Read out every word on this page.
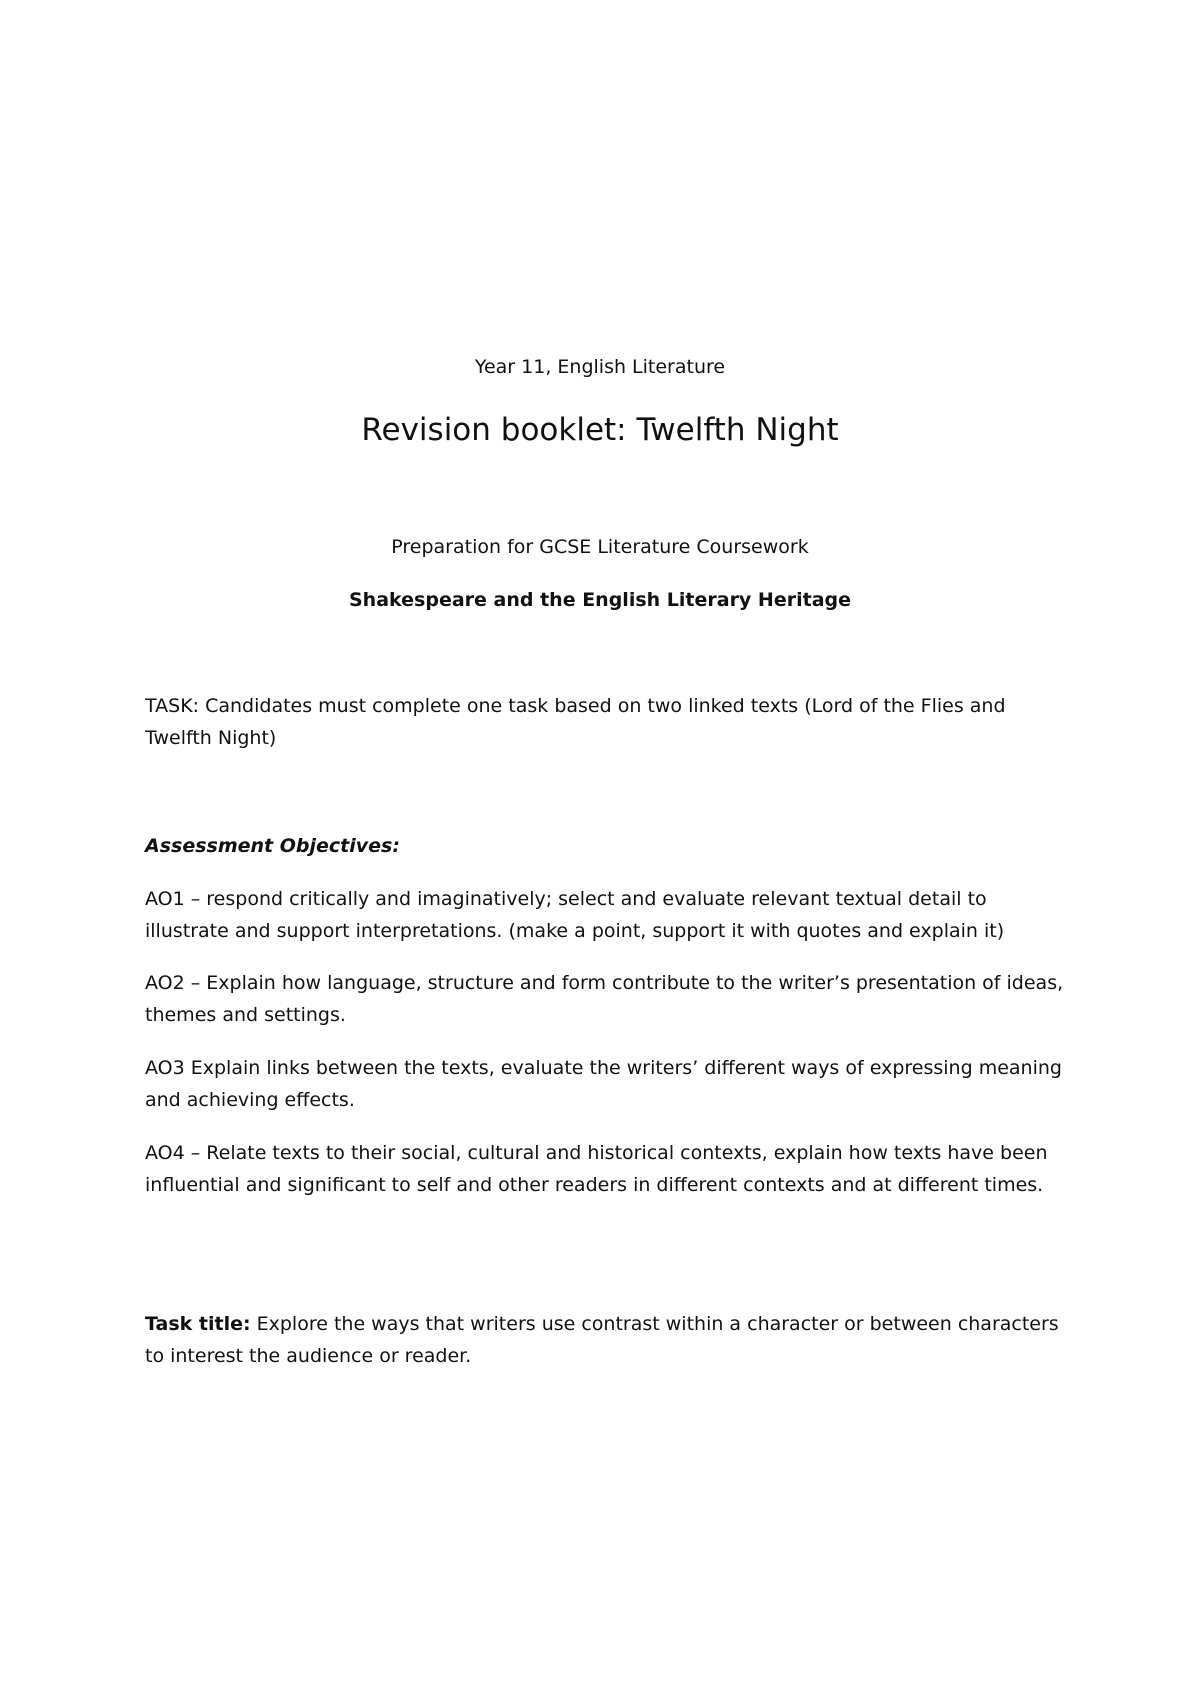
Year 11, English Literature
Revision booklet: Twelfth Night
Preparation for GCSE Literature Coursework
Shakespeare and the English Literary Heritage

TASK: Candidates must complete one task based on two linked texts (Lord of the Flies and Twelfth Night)

Assessment Objectives:

AO1 – respond critically and imaginatively; select and evaluate relevant textual detail to illustrate and support interpretations. (make a point, support it with quotes and explain it)

AO2 – Explain how language, structure and form contribute to the writer’s presentation of ideas, themes and settings.

AO3 Explain links between the texts, evaluate the writers’ different ways of expressing meaning and achieving effects.

AO4 – Relate texts to their social, cultural and historical contexts, explain how texts have been influential and significant to self and other readers in different contexts and at different times.

Task title: Explore the ways that writers use contrast within a character or between characters to interest the audience or reader.
